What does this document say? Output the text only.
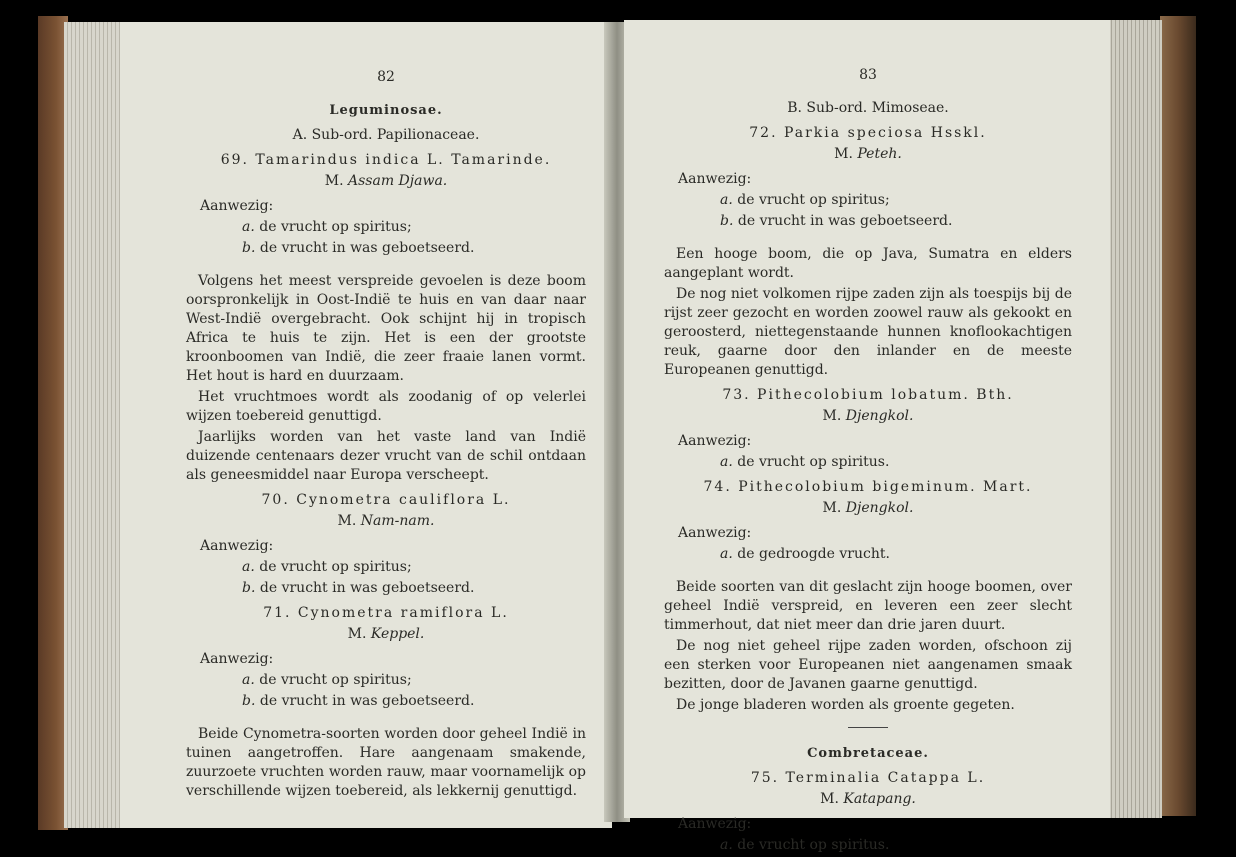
82
Leguminosae.
A. Sub-ord. Papilionaceae.
69. Tamarindus indica L. Tamarinde.
M. Assam Djawa.
Aanwezig:
a. de vrucht op spiritus;
b. de vrucht in was geboetseerd.
Volgens het meest verspreide gevoelen is deze boom oorspronkelijk in Oost-Indië te huis en van daar naar West-Indië overgebracht. Ook schijnt hij in tropisch Africa te huis te zijn. Het is een der grootste kroonboomen van Indië, die zeer fraaie lanen vormt. Het hout is hard en duurzaam.
Het vruchtmoes wordt als zoodanig of op velerlei wijzen toebereid genuttigd.
Jaarlijks worden van het vaste land van Indië duizende centenaars dezer vrucht van de schil ontdaan als geneesmiddel naar Europa verscheept.
70. Cynometra cauliflora L.
M. Nam-nam.
Aanwezig:
a. de vrucht op spiritus;
b. de vrucht in was geboetseerd.
71. Cynometra ramiflora L.
M. Keppel.
Aanwezig:
a. de vrucht op spiritus;
b. de vrucht in was geboetseerd.
Beide Cynometra-soorten worden door geheel Indië in tuinen aangetroffen. Hare aangenaam smakende, zuurzoete vruchten worden rauw, maar voornamelijk op verschillende wijzen toebereid, als lekkernij genuttigd.
83
B. Sub-ord. Mimoseae.
72. Parkia speciosa Hsskl.
M. Peteh.
Aanwezig:
a. de vrucht op spiritus;
b. de vrucht in was geboetseerd.
Een hooge boom, die op Java, Sumatra en elders aangeplant wordt.
De nog niet volkomen rijpe zaden zijn als toespijs bij de rijst zeer gezocht en worden zoowel rauw als gekookt en geroosterd, niettegenstaande hunnen knoflookachtigen reuk, gaarne door den inlander en de meeste Europeanen genuttigd.
73. Pithecolobium lobatum. Bth.
M. Djengkol.
Aanwezig:
a. de vrucht op spiritus.
74. Pithecolobium bigeminum. Mart.
M. Djengkol.
Aanwezig:
a. de gedroogde vrucht.
Beide soorten van dit geslacht zijn hooge boomen, over geheel Indië verspreid, en leveren een zeer slecht timmerhout, dat niet meer dan drie jaren duurt.
De nog niet geheel rijpe zaden worden, ofschoon zij een sterken voor Europeanen niet aangenamen smaak bezitten, door de Javanen gaarne genuttigd.
De jonge bladeren worden als groente gegeten.
Combretaceae.
75. Terminalia Catappa L.
M. Katapang.
Aanwezig:
a. de vrucht op spiritus.
